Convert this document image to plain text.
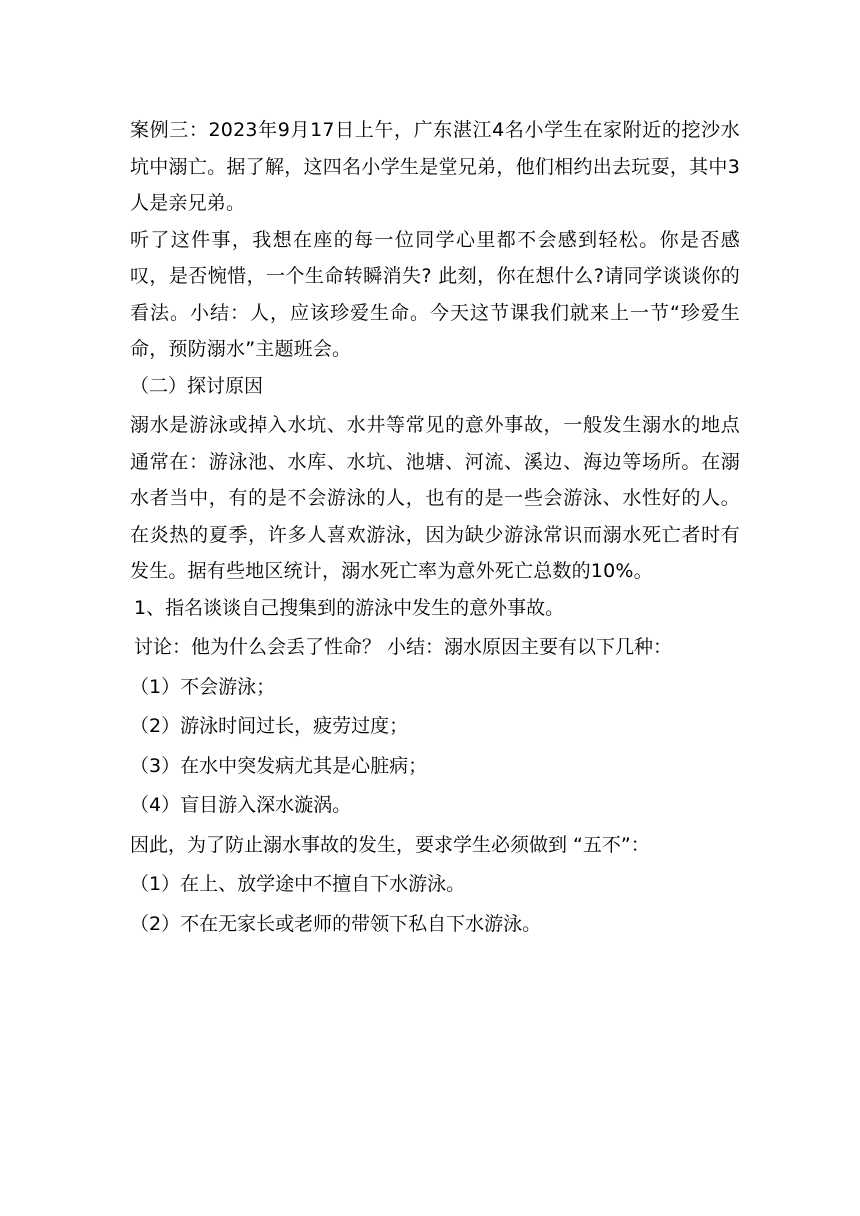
案例三：2023年9月17日上午，广东湛江4名小学生在家附近的挖沙水坑中溺亡。据了解，这四名小学生是堂兄弟，他们相约出去玩耍，其中3人是亲兄弟。

听了这件事，我想在座的每一位同学心里都不会感到轻松。你是否感叹，是否惋惜，一个生命转瞬消失? 此刻，你在想什么?请同学谈谈你的看法。小结：人，应该珍爱生命。今天这节课我们就来上一节“珍爱生命，预防溺水”主题班会。

（二）探讨原因

溺水是游泳或掉入水坑、水井等常见的意外事故，一般发生溺水的地点通常在：游泳池、水库、水坑、池塘、河流、溪边、海边等场所。在溺水者当中，有的是不会游泳的人，也有的是一些会游泳、水性好的人。在炎热的夏季，许多人喜欢游泳，因为缺少游泳常识而溺水死亡者时有发生。据有些地区统计，溺水死亡率为意外死亡总数的10%。

1、指名谈谈自己搜集到的游泳中发生的意外事故。

讨论：他为什么会丢了性命？ 小结：溺水原因主要有以下几种：

（1）不会游泳；

（2）游泳时间过长，疲劳过度；

（3）在水中突发病尤其是心脏病；

（4）盲目游入深水漩涡。

因此，为了防止溺水事故的发生，要求学生必须做到 “五不”：

（1）在上、放学途中不擅自下水游泳。

（2）不在无家长或老师的带领下私自下水游泳。
